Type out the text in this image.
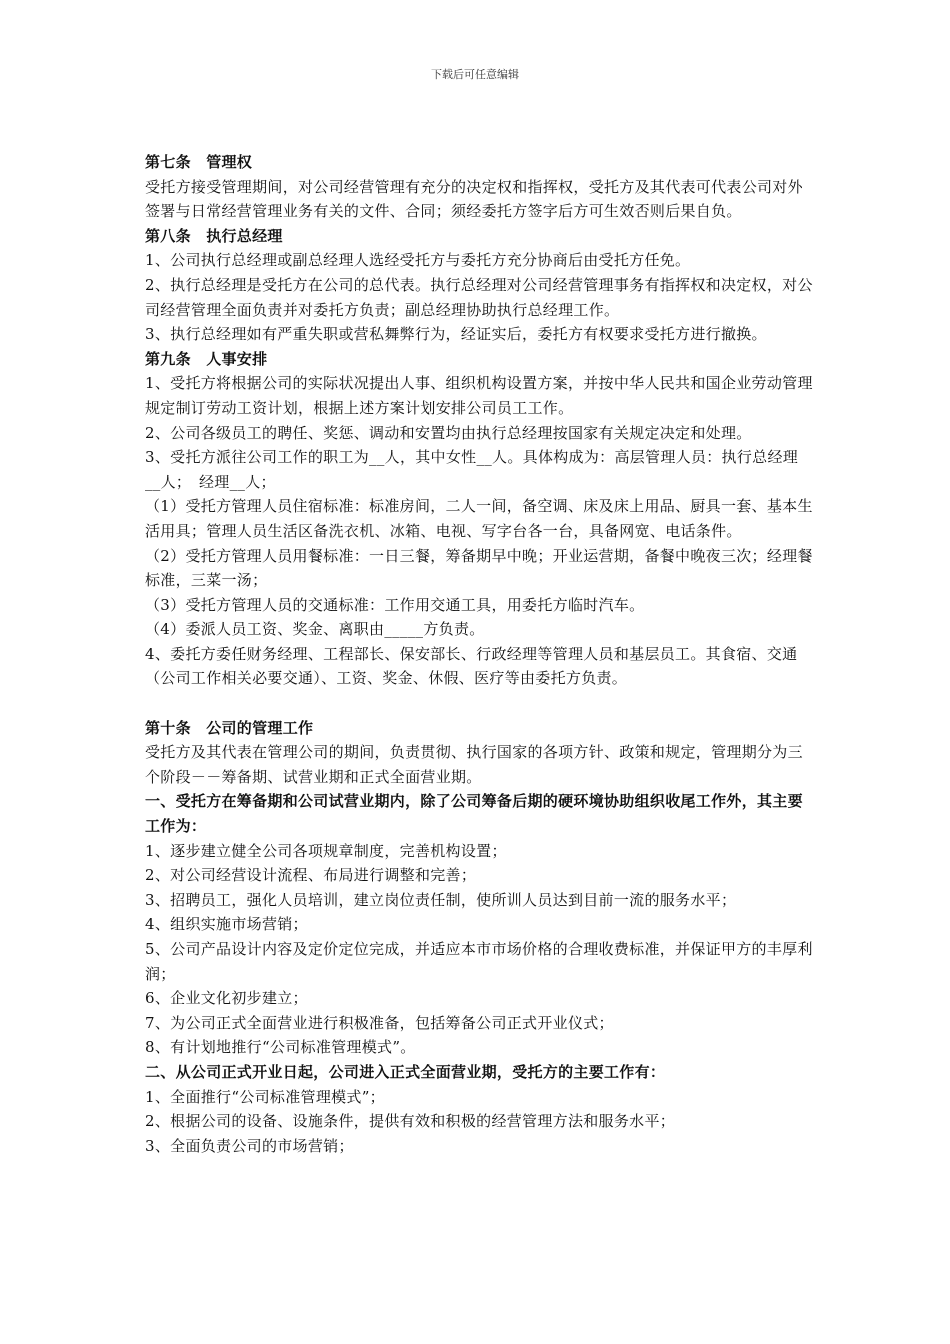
下载后可任意编辑

第七条　管理权

受托方接受管理期间，对公司经营管理有充分的决定权和指挥权，受托方及其代表可代表公司对外签署与日常经营管理业务有关的文件、合同；须经委托方签字后方可生效否则后果自负。

第八条　执行总经理

1、公司执行总经理或副总经理人选经受托方与委托方充分协商后由受托方任免。

2、执行总经理是受托方在公司的总代表。执行总经理对公司经营管理事务有指挥权和决定权，对公司经营管理全面负责并对委托方负责；副总经理协助执行总经理工作。

3、执行总经理如有严重失职或营私舞弊行为，经证实后，委托方有权要求受托方进行撤换。

第九条　人事安排

1、受托方将根据公司的实际状况提出人事、组织机构设置方案，并按中华人民共和国企业劳动管理规定制订劳动工资计划，根据上述方案计划安排公司员工工作。

2、公司各级员工的聘任、奖惩、调动和安置均由执行总经理按国家有关规定决定和处理。

3、受托方派往公司工作的职工为__人，其中女性__人。具体构成为：高层管理人员：执行总经理__人；　经理__人；

（1）受托方管理人员住宿标准：标准房间，二人一间，备空调、床及床上用品、厨具一套、基本生活用具；管理人员生活区备洗衣机、冰箱、电视、写字台各一台，具备网宽、电话条件。

（2）受托方管理人员用餐标准：一日三餐，筹备期早中晚；开业运营期，备餐中晚夜三次；经理餐标准，三菜一汤；

（3）受托方管理人员的交通标准：工作用交通工具，用委托方临时汽车。

（4）委派人员工资、奖金、离职由_____方负责。

4、委托方委任财务经理、工程部长、保安部长、行政经理等管理人员和基层员工。其食宿、交通（公司工作相关必要交通）、工资、奖金、休假、医疗等由委托方负责。

第十条　公司的管理工作

受托方及其代表在管理公司的期间，负责贯彻、执行国家的各项方针、政策和规定，管理期分为三个阶段－－筹备期、试营业期和正式全面营业期。

一、受托方在筹备期和公司试营业期内，除了公司筹备后期的硬环境协助组织收尾工作外，其主要工作为：

1、逐步建立健全公司各项规章制度，完善机构设置；

2、对公司经营设计流程、布局进行调整和完善；

3、招聘员工，强化人员培训，建立岗位责任制，使所训人员达到目前一流的服务水平；

4、组织实施市场营销；

5、公司产品设计内容及定价定位完成，并适应本市市场价格的合理收费标准，并保证甲方的丰厚利润；

6、企业文化初步建立；

7、为公司正式全面营业进行积极准备，包括筹备公司正式开业仪式；

8、有计划地推行“公司标准管理模式”。

二、从公司正式开业日起，公司进入正式全面营业期，受托方的主要工作有：

1、全面推行“公司标准管理模式”；

2、根据公司的设备、设施条件，提供有效和积极的经营管理方法和服务水平；

3、全面负责公司的市场营销；
